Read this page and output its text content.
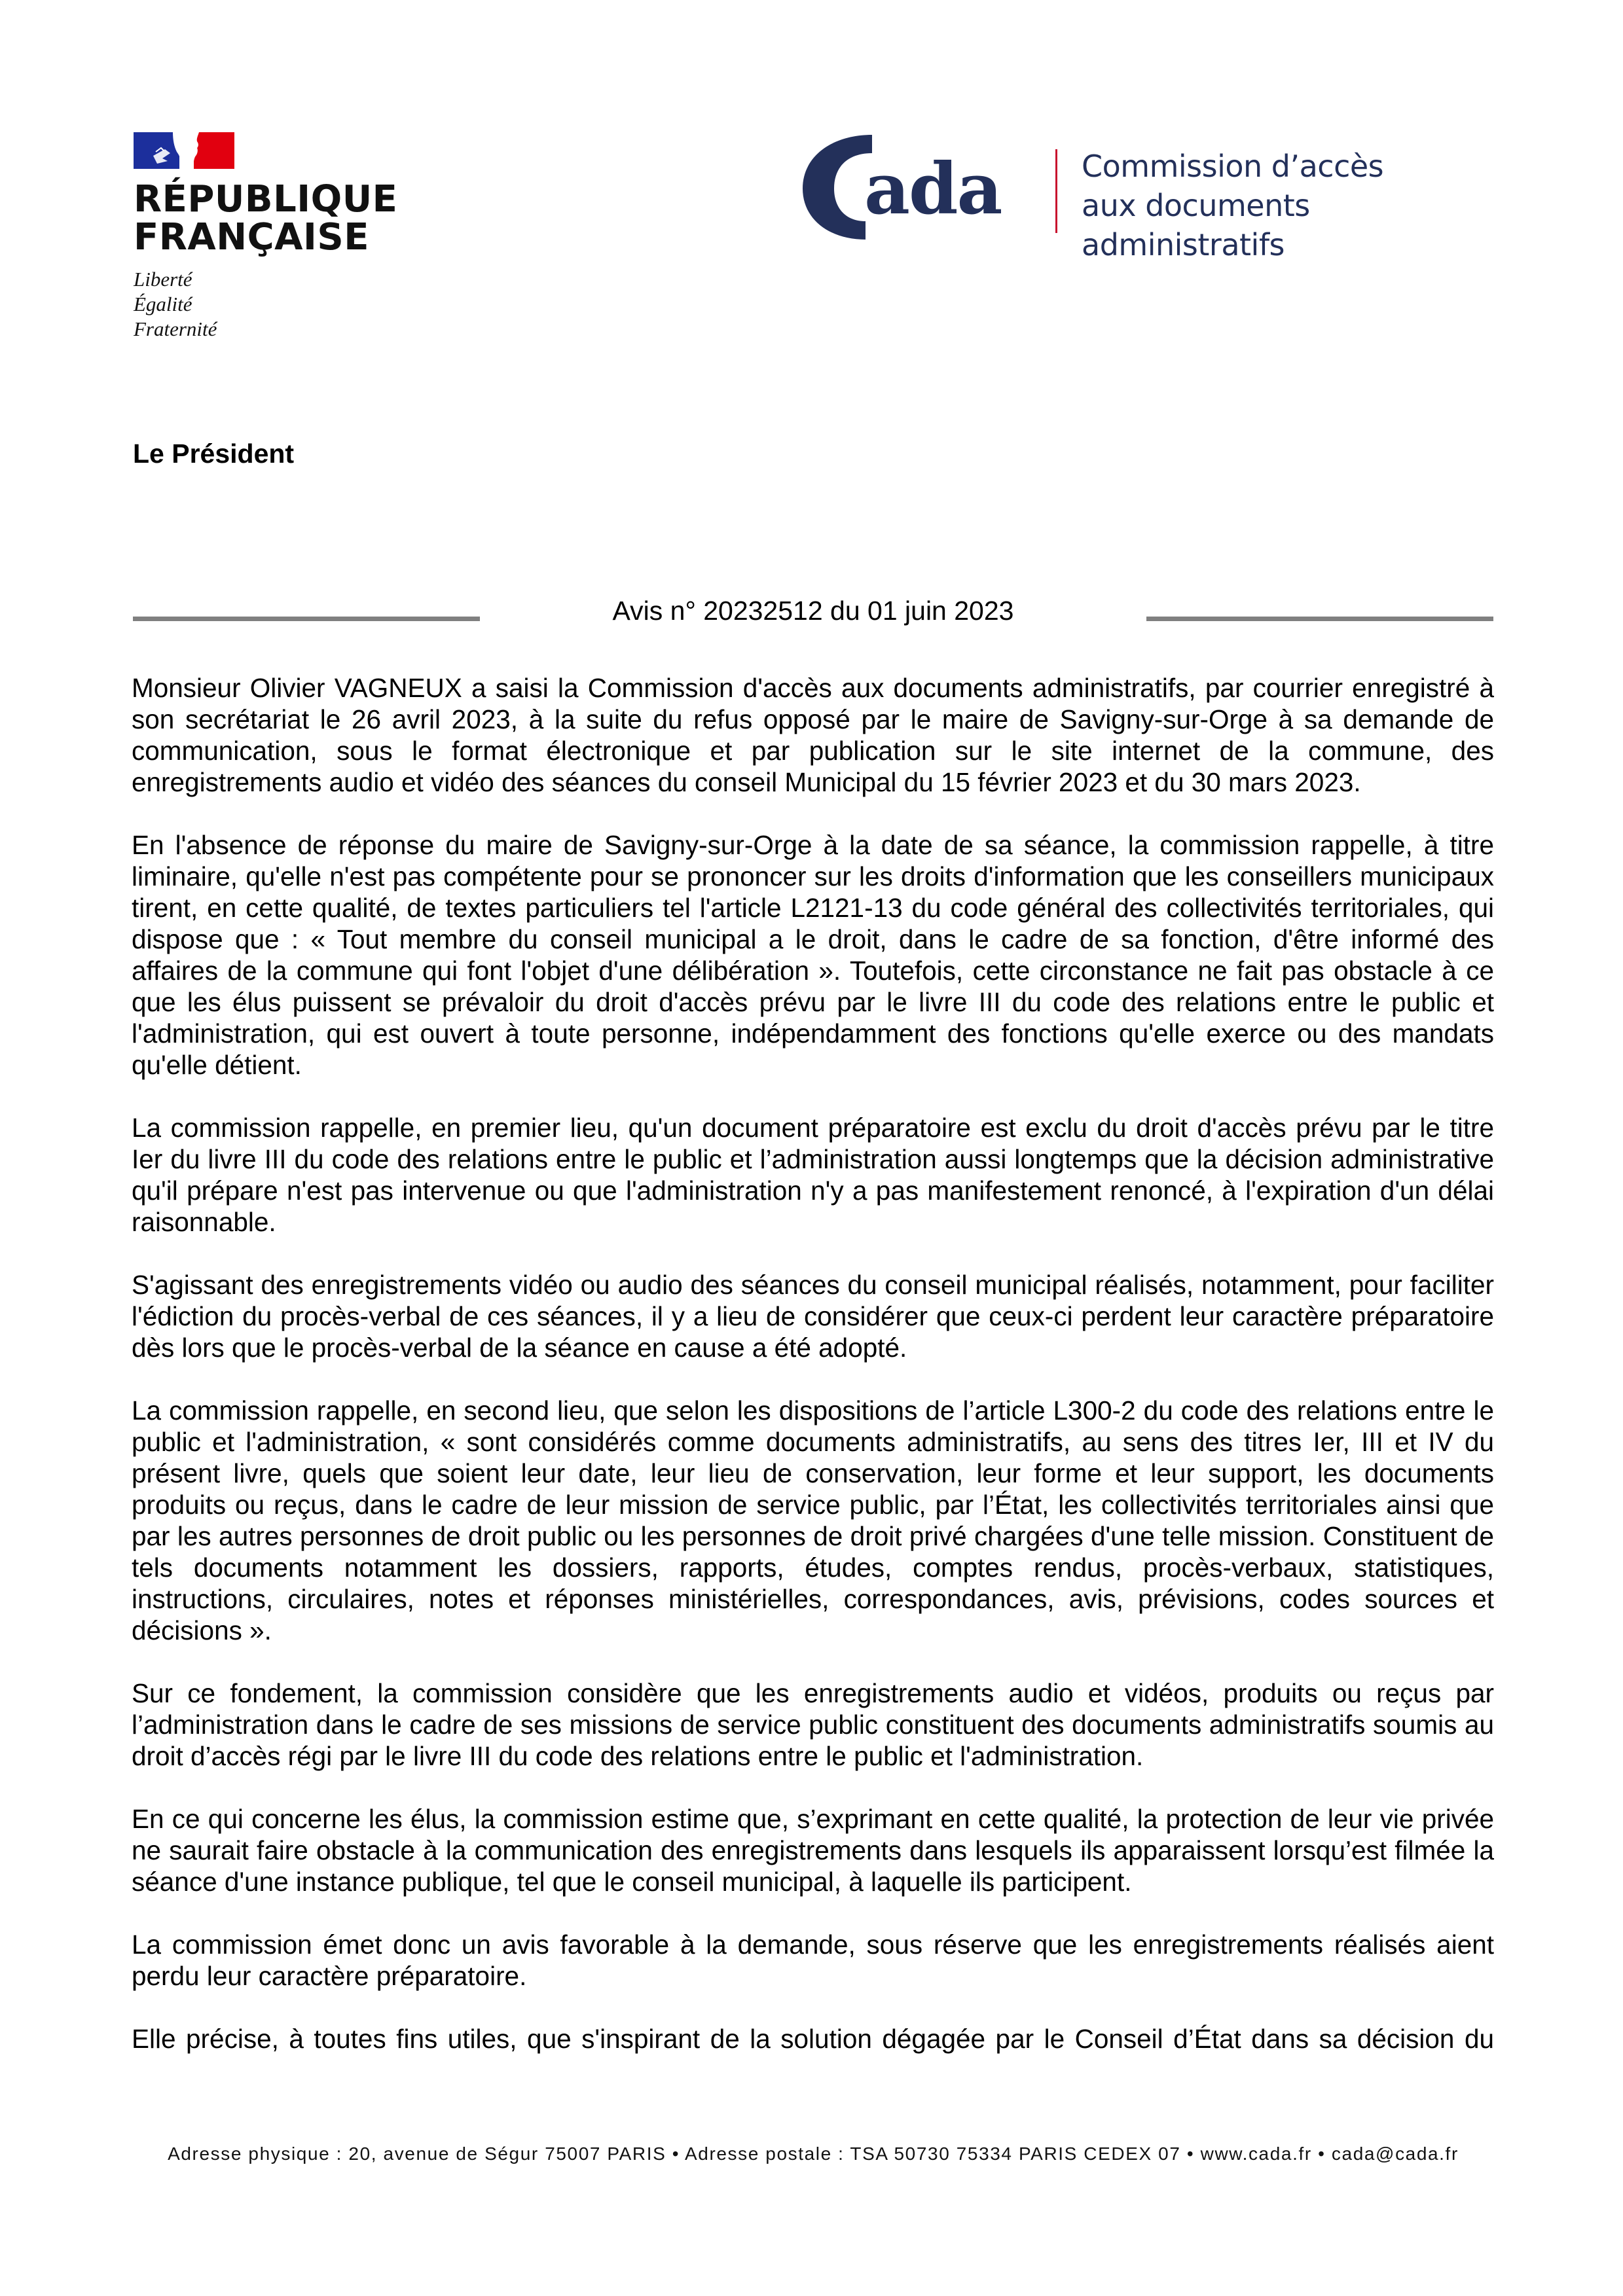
RÉPUBLIQUE
FRANÇAISE
Liberté
Égalité
Fraternité
ada	Commission d’accès
aux documents administratifs
Le Président
Avis n° 20232512 du 01 juin 2023

Monsieur Olivier VAGNEUX a saisi la Commission d'accès aux documents administratifs, par courrier enregistré à son secrétariat le 26 avril 2023, à la suite du refus opposé par le maire de Savigny-sur-Orge à sa demande de communication, sous le format électronique et par publication sur le site internet de la commune, des enregistrements audio et vidéo des séances du conseil Municipal du 15 février 2023 et du 30 mars 2023.

En l'absence de réponse du maire de Savigny-sur-Orge à la date de sa séance, la commission rappelle, à titre liminaire, qu'elle n'est pas compétente pour se prononcer sur les droits d'information que les conseillers municipaux tirent, en cette qualité, de textes particuliers tel l'article L2121-13 du code général des collectivités territoriales, qui dispose que : « Tout membre du conseil municipal a le droit, dans le cadre de sa fonction, d'être informé des affaires de la commune qui font l'objet d'une délibération ». Toutefois, cette circonstance ne fait pas obstacle à ce que les élus puissent se prévaloir du droit d'accès prévu par le livre III du code des relations entre le public et l'administration, qui est ouvert à toute personne, indépendamment des fonctions qu'elle exerce ou des mandats qu'elle détient.

La commission rappelle, en premier lieu, qu'un document préparatoire est exclu du droit d'accès prévu par le titre Ier du livre III du code des relations entre le public et l’administration aussi longtemps que la décision administrative qu'il prépare n'est pas intervenue ou que l'administration n'y a pas manifestement renoncé, à l'expiration d'un délai raisonnable.

S'agissant des enregistrements vidéo ou audio des séances du conseil municipal réalisés, notamment, pour faciliter l'édiction du procès-verbal de ces séances, il y a lieu de considérer que ceux-ci perdent leur caractère préparatoire dès lors que le procès-verbal de la séance en cause a été adopté.

La commission rappelle, en second lieu, que selon les dispositions de l’article L300-2 du code des relations entre le public et l'administration, « sont considérés comme documents administratifs, au sens des titres Ier, III et IV du présent livre, quels que soient leur date, leur lieu de conservation, leur forme et leur support, les documents produits ou reçus, dans le cadre de leur mission de service public, par l’État, les collectivités territoriales ainsi que par les autres personnes de droit public ou les personnes de droit privé chargées d'une telle mission. Constituent de tels documents notamment les dossiers, rapports, études, comptes rendus, procès-verbaux, statistiques, instructions, circulaires, notes et réponses ministérielles, correspondances, avis, prévisions, codes sources et décisions ».

Sur ce fondement, la commission considère que les enregistrements audio et vidéos, produits ou reçus par l’administration dans le cadre de ses missions de service public constituent des documents administratifs soumis au droit d’accès régi par le livre III du code des relations entre le public et l'administration.

En ce qui concerne les élus, la commission estime que, s’exprimant en cette qualité, la protection de leur vie privée ne saurait faire obstacle à la communication des enregistrements dans lesquels ils apparaissent lorsqu’est filmée la séance d'une instance publique, tel que le conseil municipal, à laquelle ils participent.

La commission émet donc un avis favorable à la demande, sous réserve que les enregistrements réalisés aient perdu leur caractère préparatoire.

Elle précise, à toutes fins utiles, que s'inspirant de la solution dégagée par le Conseil d’État dans sa décision du

Adresse physique : 20, avenue de Ségur 75007 PARIS • Adresse postale : TSA 50730 75334 PARIS CEDEX 07 • www.cada.fr • cada@cada.fr
